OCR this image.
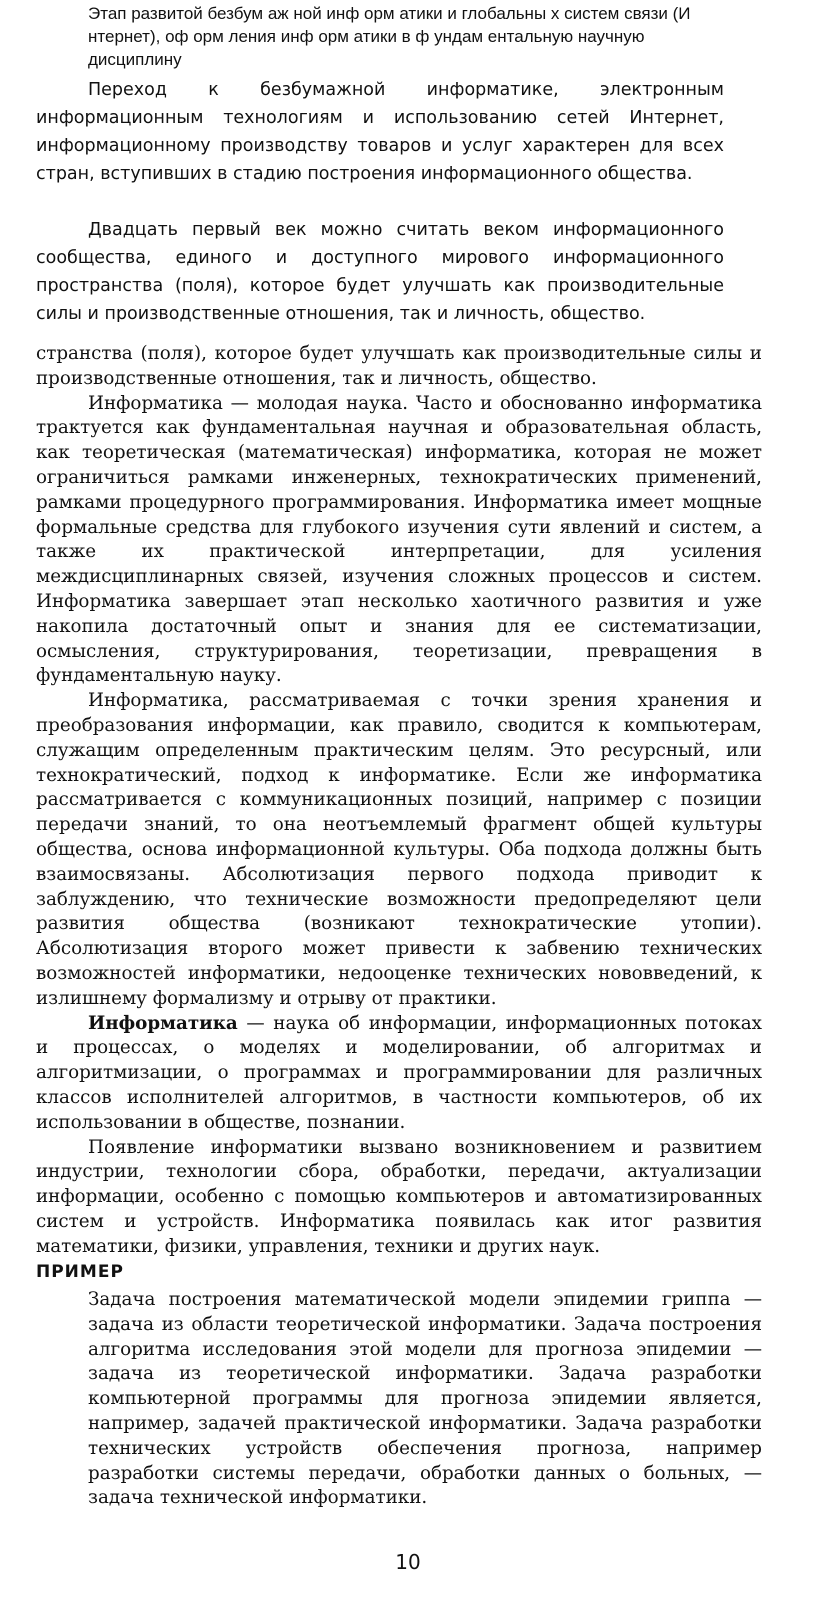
Этап развитой безбум аж ной инф орм атики и глобальны х систем связи (И нтернет), оф орм ления инф орм атики в ф ундам ентальную научную дисциплину

Переход к безбумажной информатике, электронным информационным технологиям и использованию сетей Интернет, информационному производству товаров и услуг характерен для всех стран, вступивших в стадию построения информационного общества.

Двадцать первый век можно считать веком информационного сообщества, единого и доступного мирового информационного пространства (поля), которое будет улучшать как производительные силы и производственные отношения, так и личность, общество.

странства (поля), которое будет улучшать как производительные силы и производственные отношения, так и личность, общество.

Информатика — молодая наука. Часто и обоснованно информатика трактуется как фундаментальная научная и образовательная область, как теоретическая (математическая) информатика, которая не может ограничиться рамками инженерных, технократических применений, рамками процедурного программирования. Информатика имеет мощные формальные средства для глубокого изучения сути явлений и систем, а также их практической интерпретации, для усиления междисциплинарных связей, изучения сложных процессов и систем. Информатика завершает этап несколько хаотичного развития и уже накопила достаточный опыт и знания для ее систематизации, осмысления, структурирования, теоретизации, превращения в фундаментальную науку.

Информатика, рассматриваемая с точки зрения хранения и преобразования информации, как правило, сводится к компьютерам, служащим определенным практическим целям. Это ресурсный, или технократический, подход к информатике. Если же информатика рассматривается с коммуникационных позиций, например с позиции передачи знаний, то она неотъемлемый фрагмент общей культуры общества, основа информационной культуры. Оба подхода должны быть взаимосвязаны. Абсолютизация первого подхода приводит к заблуждению, что технические возможности предопределяют цели развития общества (возникают технократические утопии). Абсолютизация второго может привести к забвению технических возможностей информатики, недооценке технических нововведений, к излишнему формализму и отрыву от практики.

Информатика — наука об информации, информационных потоках и процессах, о моделях и моделировании, об алгоритмах и алгоритмизации, о программах и программировании для различных классов исполнителей алгоритмов, в частности компьютеров, об их использовании в обществе, познании.

Появление информатики вызвано возникновением и развитием индустрии, технологии сбора, обработки, передачи, актуализации информации, особенно с помощью компьютеров и автоматизированных систем и устройств. Информатика появилась как итог развития математики, физики, управления, техники и других наук.

ПРИМЕР

Задача построения математической модели эпидемии гриппа — задача из области теоретической информатики. Задача построения алгоритма исследования этой модели для прогноза эпидемии — задача из теоретической информатики. Задача разработки компьютерной программы для прогноза эпидемии является, например, задачей практической информатики. Задача разработки технических устройств обеспечения прогноза, например разработки системы передачи, обработки данных о больных, — задача технической информатики.

10
